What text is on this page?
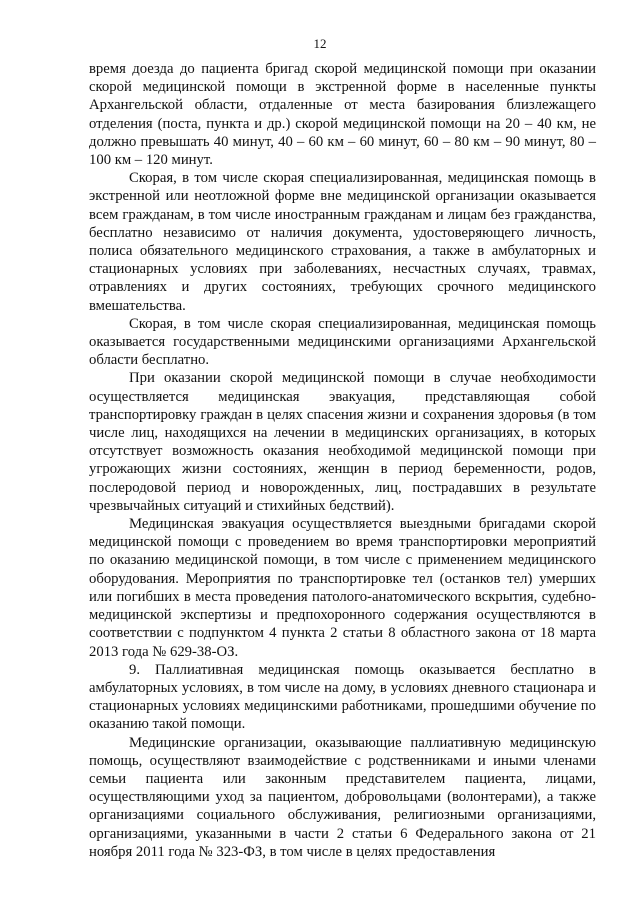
12

время доезда до пациента бригад скорой медицинской помощи при оказании скорой медицинской помощи в экстренной форме в населенные пункты Архангельской области, отдаленные от места базирования близлежащего отделения (поста, пункта и др.) скорой медицинской помощи на 20 – 40 км, не должно превышать 40 минут, 40 – 60 км – 60 минут, 60 – 80 км – 90 минут, 80 – 100 км – 120 минут.

Скорая, в том числе скорая специализированная, медицинская помощь в экстренной или неотложной форме вне медицинской организации оказывается всем гражданам, в том числе иностранным гражданам и лицам без гражданства, бесплатно независимо от наличия документа, удостоверяющего личность, полиса обязательного медицинского страхования, а также в амбулаторных и стационарных условиях при заболеваниях, несчастных случаях, травмах, отравлениях и других состояниях, требующих срочного медицинского вмешательства.

Скорая, в том числе скорая специализированная, медицинская помощь оказывается государственными медицинскими организациями Архангельской области бесплатно.

При оказании скорой медицинской помощи в случае необходимости осуществляется медицинская эвакуация, представляющая собой транспортировку граждан в целях спасения жизни и сохранения здоровья (в том числе лиц, находящихся на лечении в медицинских организациях, в которых отсутствует возможность оказания необходимой медицинской помощи при угрожающих жизни состояниях, женщин в период беременности, родов, послеродовой период и новорожденных, лиц, пострадавших в результате чрезвычайных ситуаций и стихийных бедствий).

Медицинская эвакуация осуществляется выездными бригадами скорой медицинской помощи с проведением во время транспортировки мероприятий по оказанию медицинской помощи, в том числе с применением медицинского оборудования. Мероприятия по транспортировке тел (останков тел) умерших или погибших в места проведения патолого-анатомического вскрытия, судебно-медицинской экспертизы и предпохоронного содержания осуществляются в соответствии с подпунктом 4 пункта 2 статьи 8 областного закона от 18 марта 2013 года № 629-38-ОЗ.

9. Паллиативная медицинская помощь оказывается бесплатно в амбулаторных условиях, в том числе на дому, в условиях дневного стационара и стационарных условиях медицинскими работниками, прошедшими обучение по оказанию такой помощи.

Медицинские организации, оказывающие паллиативную медицинскую помощь, осуществляют взаимодействие с родственниками и иными членами семьи пациента или законным представителем пациента, лицами, осуществляющими уход за пациентом, добровольцами (волонтерами), а также организациями социального обслуживания, религиозными организациями, организациями, указанными в части 2 статьи 6 Федерального закона от 21 ноября 2011 года № 323-ФЗ, в том числе в целях предоставления
